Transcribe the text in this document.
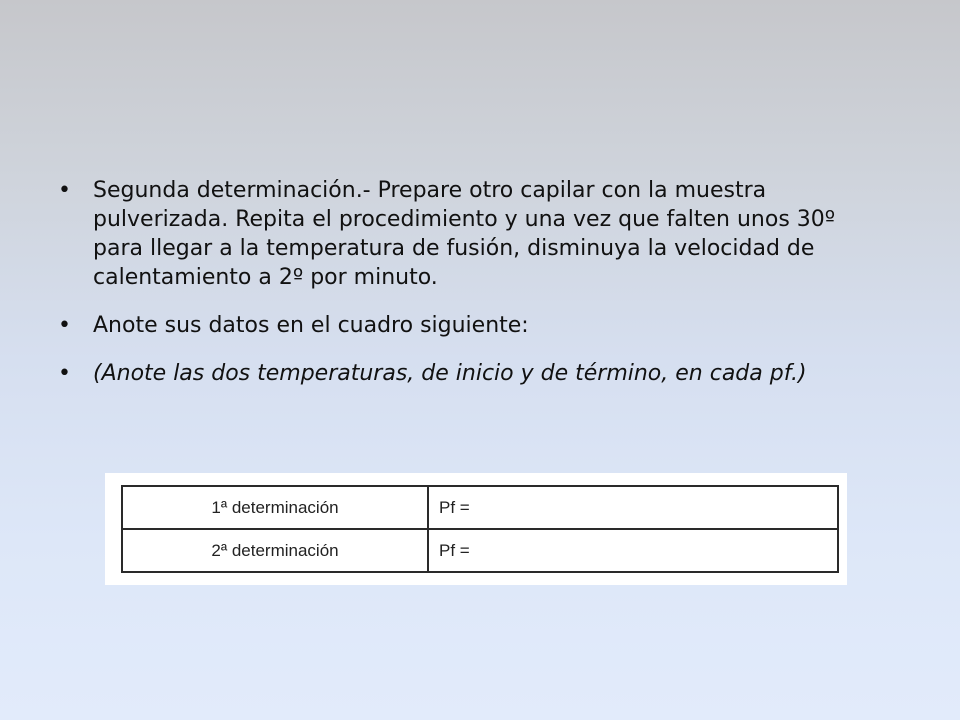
• Segunda determinación.- Prepare otro capilar con la muestra pulverizada. Repita el procedimiento y una vez que falten unos 30º para llegar a la temperatura de fusión, disminuya la velocidad de calentamiento a 2º por minuto.
• Anote sus datos en el cuadro siguiente:
• (Anote las dos temperaturas, de inicio y de término, en cada pf.)
1ª determinación	Pf =
2ª determinación	Pf =
